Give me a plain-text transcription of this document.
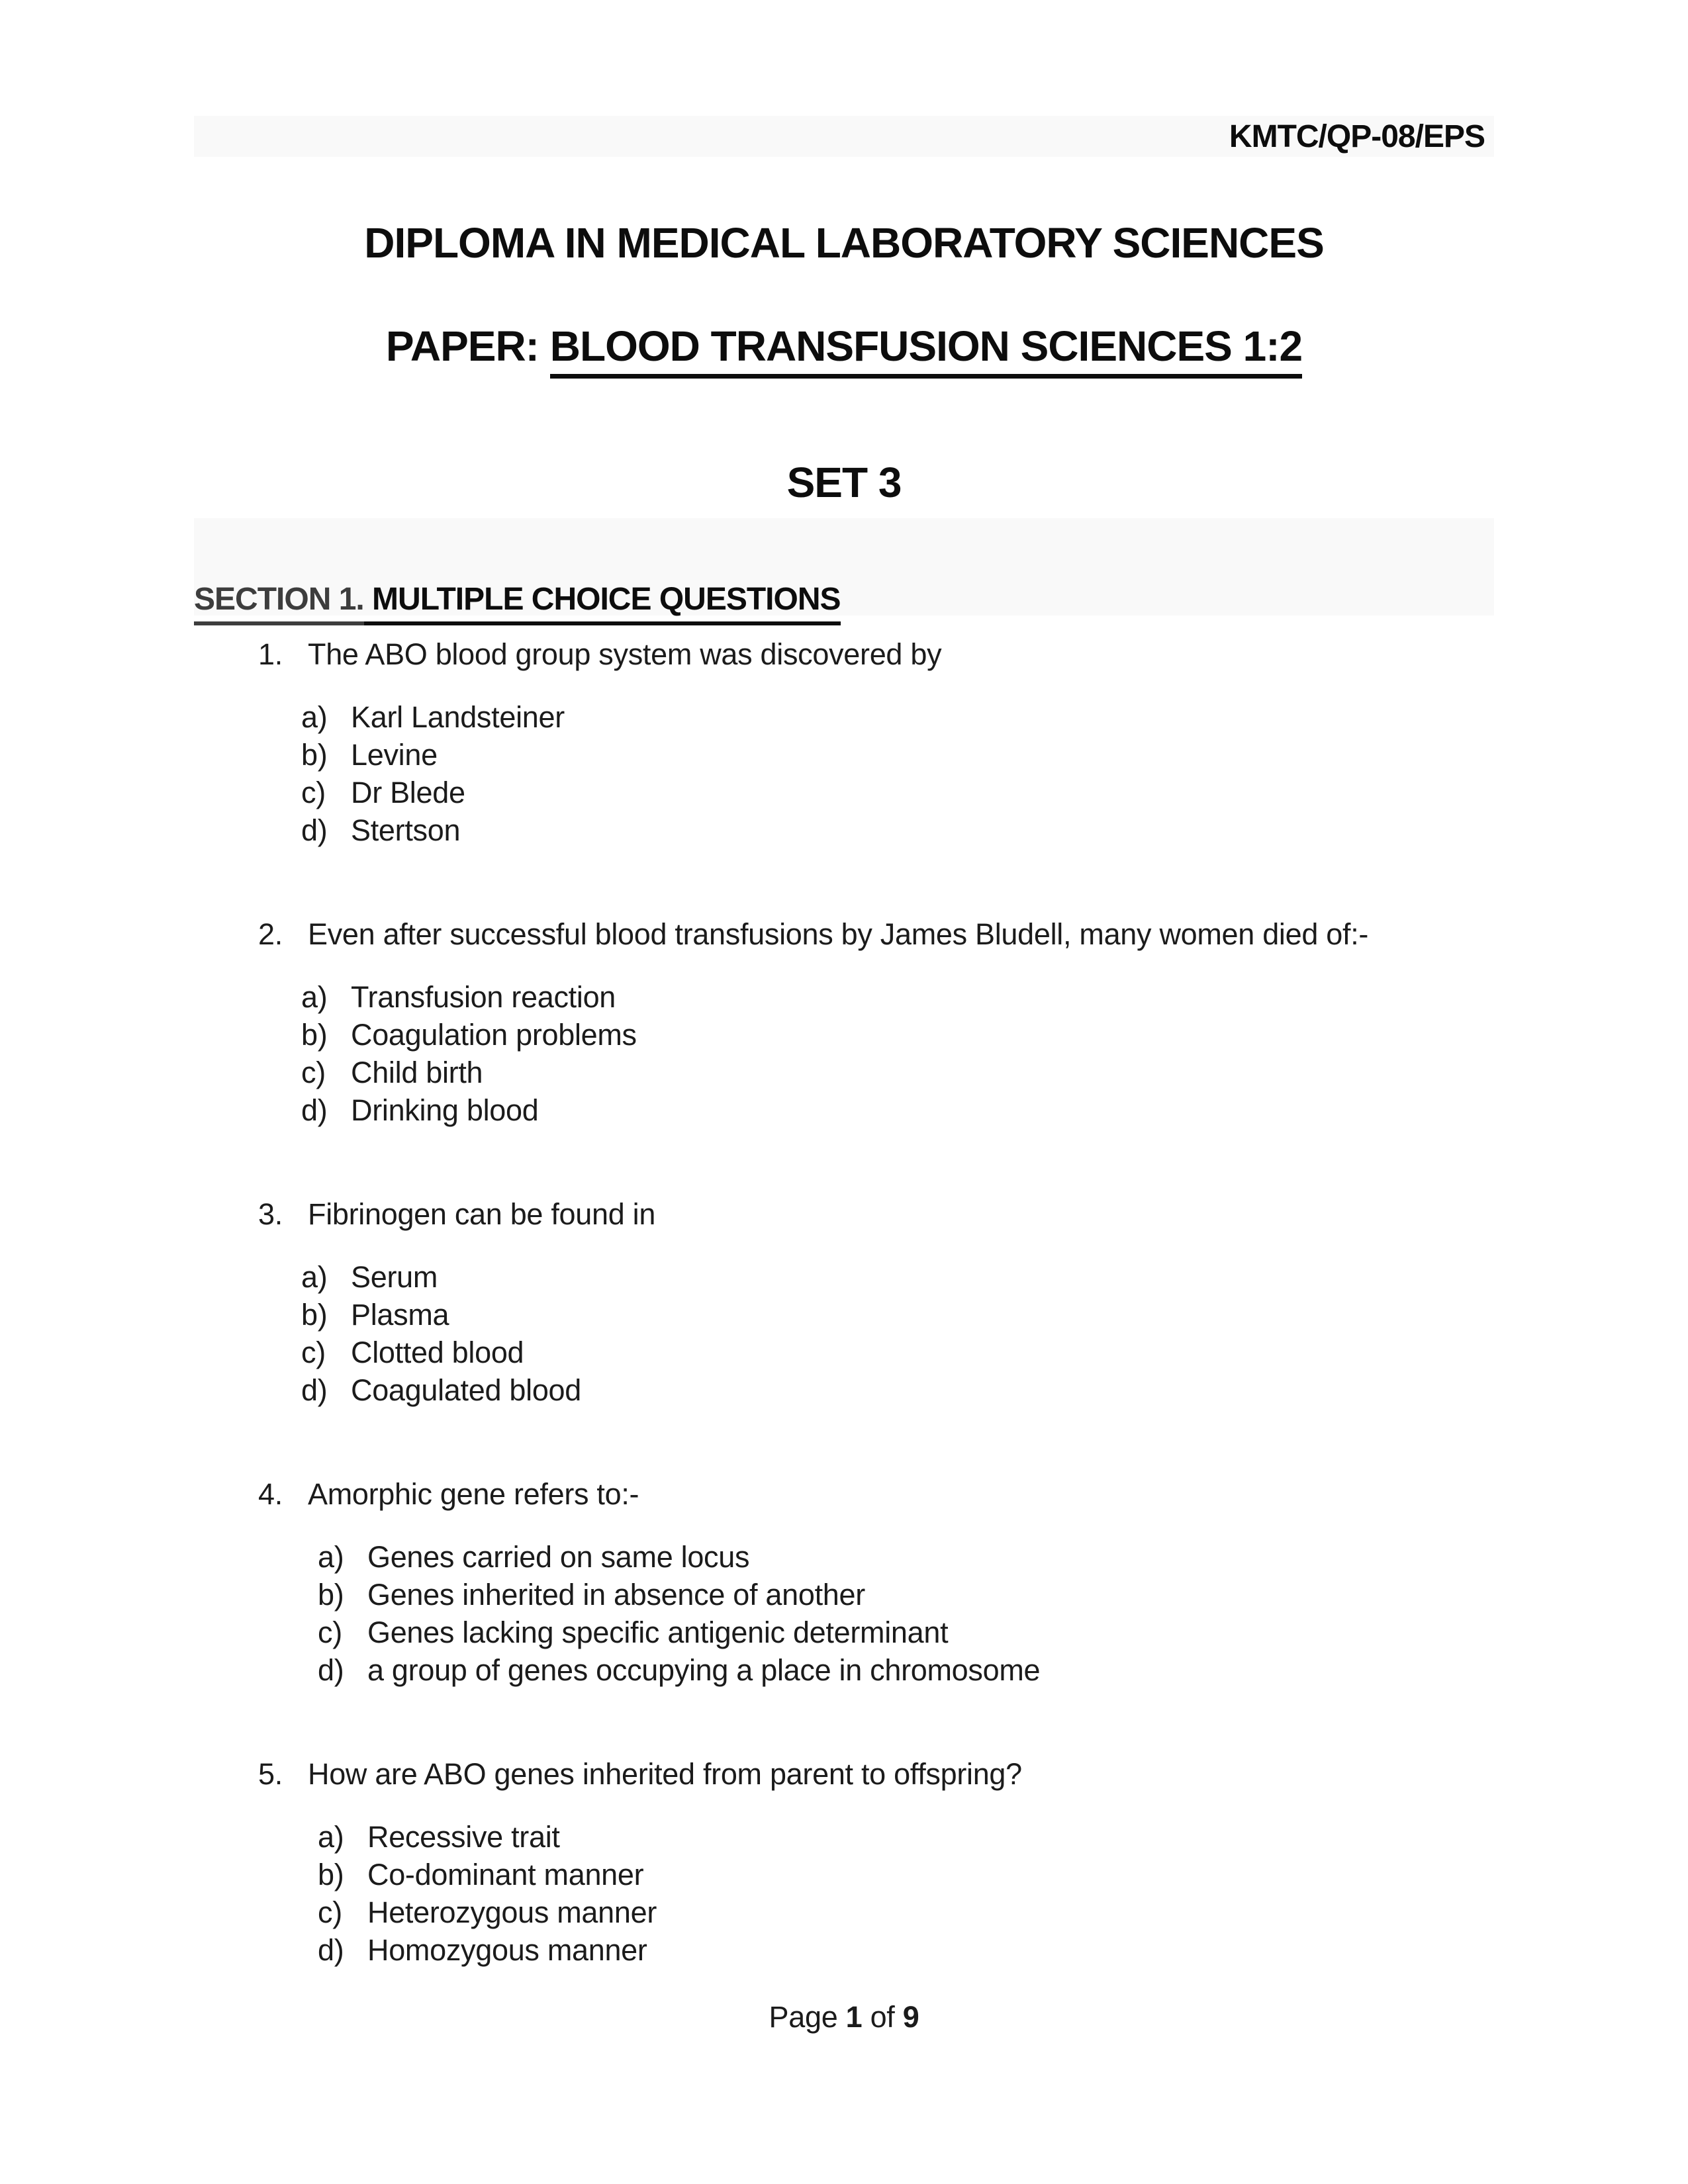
KMTC/QP-08/EPS
DIPLOMA IN MEDICAL LABORATORY SCIENCES
PAPER: BLOOD TRANSFUSION SCIENCES 1:2
SET 3
SECTION 1. MULTIPLE CHOICE QUESTIONS
1. The ABO blood group system was discovered by
a) Karl Landsteiner
b) Levine
c) Dr Blede
d) Stertson
2. Even after successful blood transfusions by James Bludell, many women died of:-
a) Transfusion reaction
b) Coagulation problems
c) Child birth
d) Drinking blood
3. Fibrinogen can be found in
a) Serum
b) Plasma
c) Clotted blood
d) Coagulated blood
4. Amorphic gene refers to:-
a) Genes carried on same locus
b) Genes inherited in absence of another
c) Genes lacking specific antigenic determinant
d) a group of genes occupying a place in chromosome
5. How are ABO genes inherited from parent to offspring?
a) Recessive trait
b) Co-dominant manner
c) Heterozygous manner
d) Homozygous manner
Page 1 of 9
